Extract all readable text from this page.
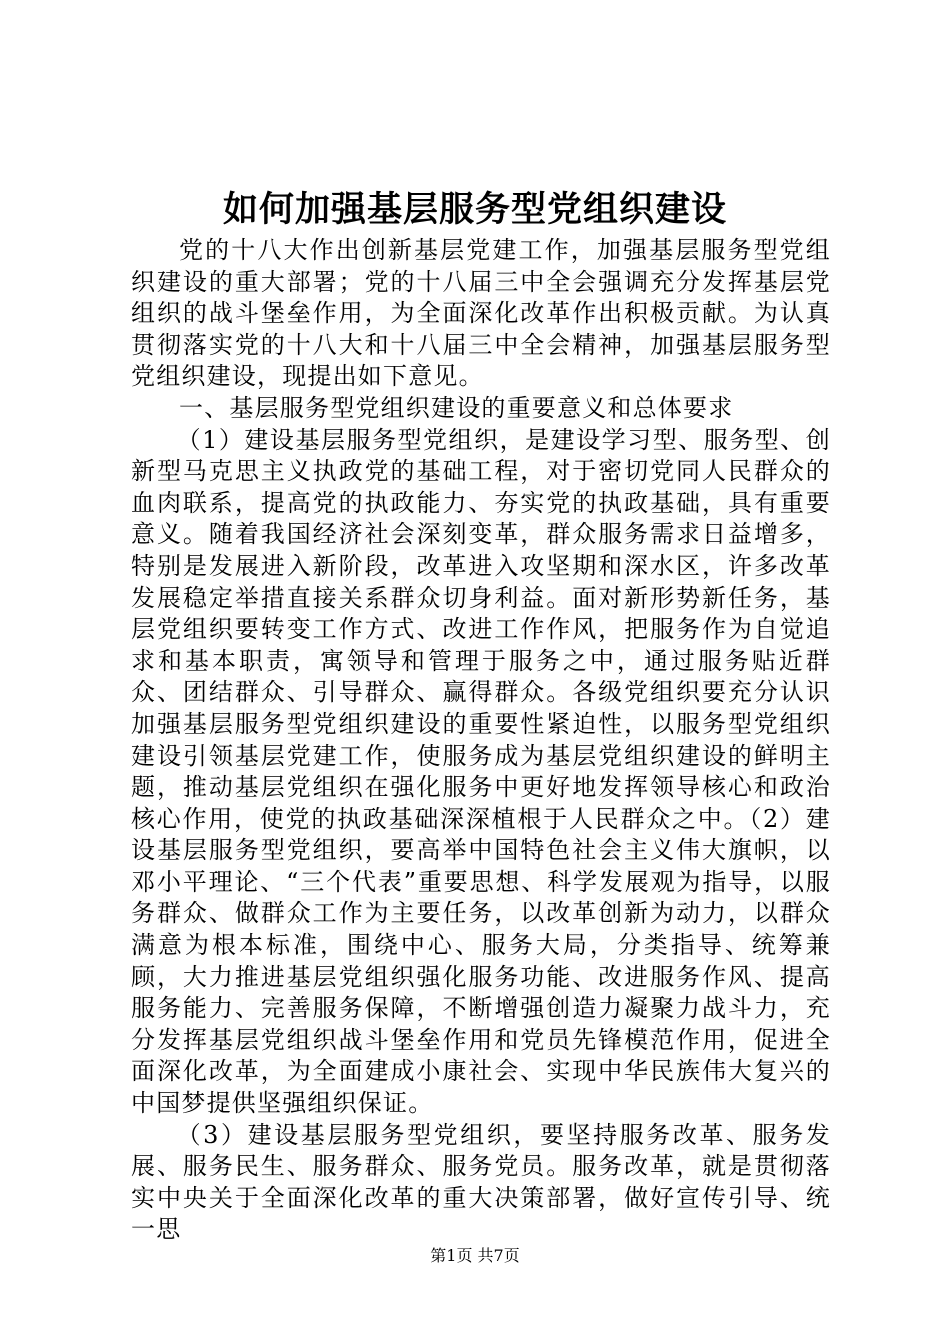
如何加强基层服务型党组织建设

党的十八大作出创新基层党建工作，加强基层服务型党组织建设的重大部署；党的十八届三中全会强调充分发挥基层党组织的战斗堡垒作用，为全面深化改革作出积极贡献。为认真贯彻落实党的十八大和十八届三中全会精神，加强基层服务型党组织建设，现提出如下意见。

一、基层服务型党组织建设的重要意义和总体要求

（1）建设基层服务型党组织，是建设学习型、服务型、创新型马克思主义执政党的基础工程，对于密切党同人民群众的血肉联系，提高党的执政能力、夯实党的执政基础，具有重要意义。随着我国经济社会深刻变革，群众服务需求日益增多，特别是发展进入新阶段，改革进入攻坚期和深水区，许多改革发展稳定举措直接关系群众切身利益。面对新形势新任务，基层党组织要转变工作方式、改进工作作风，把服务作为自觉追求和基本职责，寓领导和管理于服务之中，通过服务贴近群众、团结群众、引导群众、赢得群众。各级党组织要充分认识加强基层服务型党组织建设的重要性紧迫性，以服务型党组织建设引领基层党建工作，使服务成为基层党组织建设的鲜明主题，推动基层党组织在强化服务中更好地发挥领导核心和政治核心作用，使党的执政基础深深植根于人民群众之中。（2）建设基层服务型党组织，要高举中国特色社会主义伟大旗帜，以邓小平理论、“三个代表”重要思想、科学发展观为指导，以服务群众、做群众工作为主要任务，以改革创新为动力，以群众满意为根本标准，围绕中心、服务大局，分类指导、统筹兼顾，大力推进基层党组织强化服务功能、改进服务作风、提高服务能力、完善服务保障，不断增强创造力凝聚力战斗力，充分发挥基层党组织战斗堡垒作用和党员先锋模范作用，促进全面深化改革，为全面建成小康社会、实现中华民族伟大复兴的中国梦提供坚强组织保证。

（3）建设基层服务型党组织，要坚持服务改革、服务发展、服务民生、服务群众、服务党员。服务改革，就是贯彻落实中央关于全面深化改革的重大决策部署，做好宣传引导、统一思

第1页 共7页
